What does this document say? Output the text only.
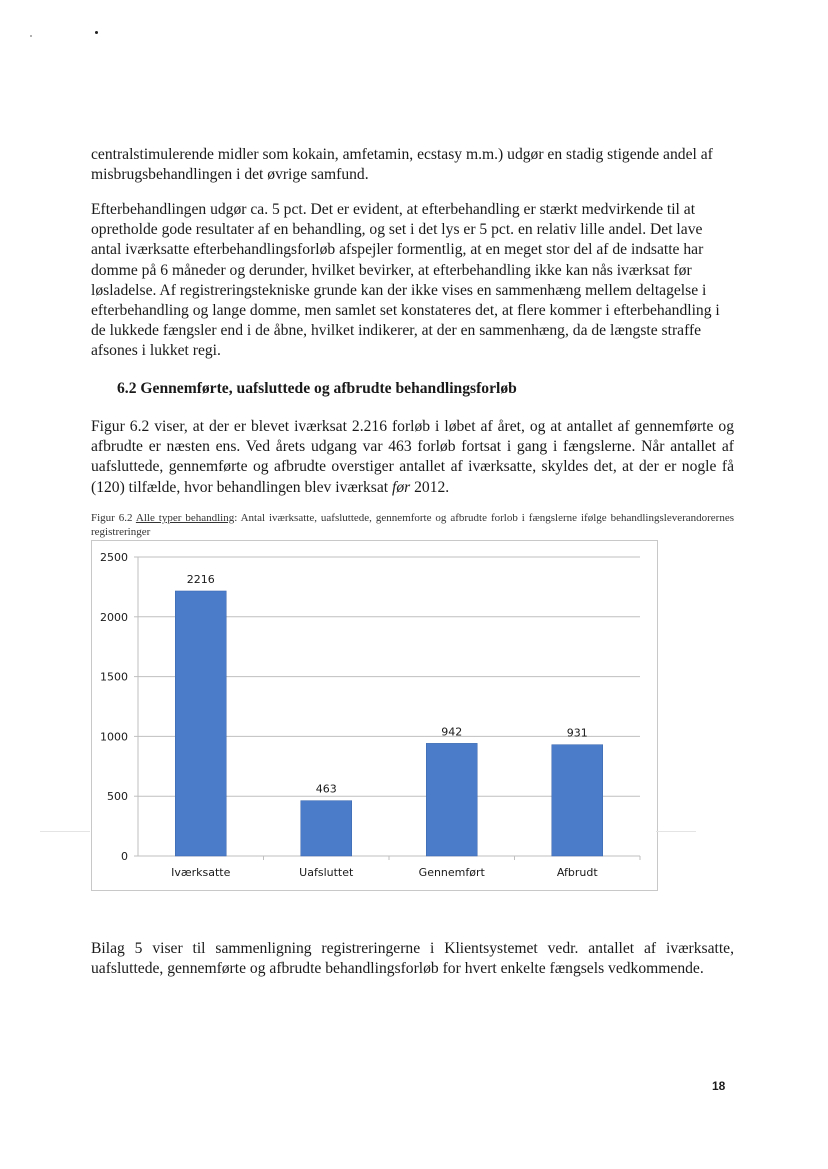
centralstimulerende midler som kokain, amfetamin, ecstasy m.m.) udgør en stadig stigende andel af misbrugsbehandlingen i det øvrige samfund.

Efterbehandlingen udgør ca. 5 pct. Det er evident, at efterbehandling er stærkt medvirkende til at opretholde gode resultater af en behandling, og set i det lys er 5 pct. en relativ lille andel. Det lave antal iværksatte efterbehandlingsforløb afspejler formentlig, at en meget stor del af de indsatte har domme på 6 måneder og derunder, hvilket bevirker, at efterbehandling ikke kan nås iværksat før løsladelse. Af registreringstekniske grunde kan der ikke vises en sammenhæng mellem deltagelse i efterbehandling og lange domme, men samlet set konstateres det, at flere kommer i efterbehandling i de lukkede fængsler end i de åbne, hvilket indikerer, at der en sammenhæng, da de længste straffe afsones i lukket regi.

6.2 Gennemførte, uafsluttede og afbrudte behandlingsforløb

Figur 6.2 viser, at der er blevet iværksat 2.216 forløb i løbet af året, og at antallet af gennemførte og afbrudte er næsten ens. Ved årets udgang var 463 forløb fortsat i gang i fængslerne. Når antallet af uafsluttede, gennemførte og afbrudte overstiger antallet af iværksatte, skyldes det, at der er nogle få (120) tilfælde, hvor behandlingen blev iværksat før 2012.

Figur 6.2 Alle typer behandling: Antal iværksatte, uafsluttede, gennemforte og afbrudte forlob i fængslerne ifølge behandlingsleverandorernes registreringer
0
500
1000
1500
2000
2500
2216
Iværksatte
463
Uafsluttet
942
Gennemført
931
Afbrudt

Bilag 5 viser til sammenligning registreringerne i Klientsystemet vedr. antallet af iværksatte, uafsluttede, gennemførte og afbrudte behandlingsforløb for hvert enkelte fængsels vedkommende.

18
